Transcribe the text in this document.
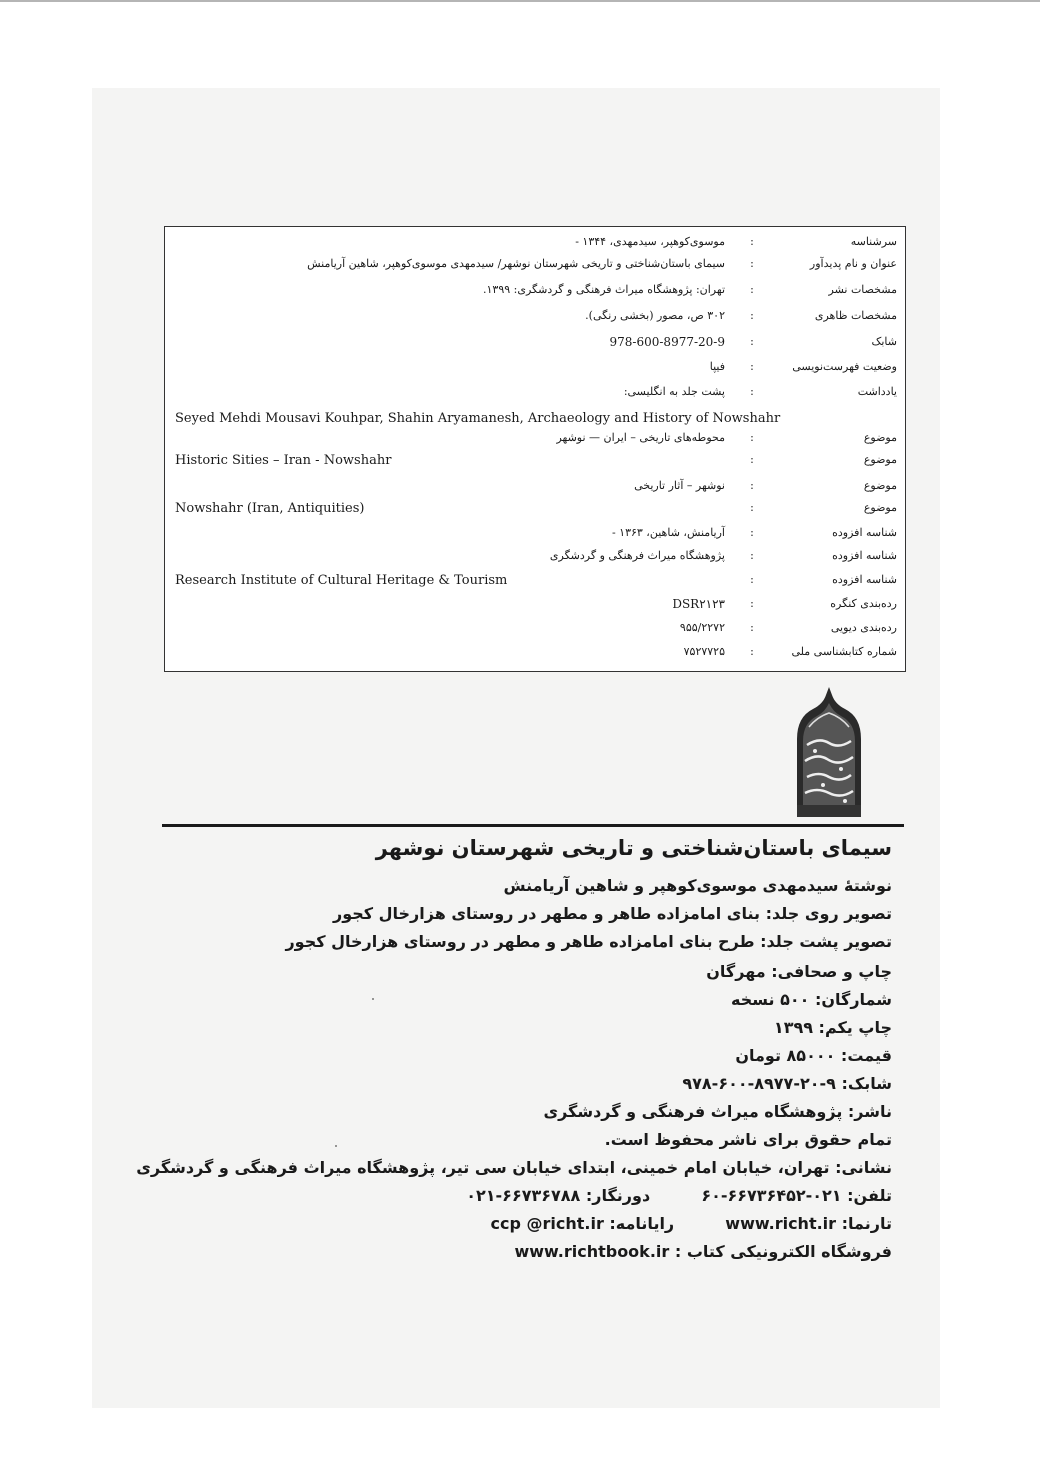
سرشناسه
:
موسوی‌کوهپر، سیدمهدی، ۱۳۴۴ -
عنوان و نام پدیدآور
:
سیمای باستان‌شناختی و تاریخی شهرستان نوشهر/ سیدمهدی موسوی‌کوهپر، شاهین آریامنش
مشخصات نشر
:
تهران: پژوهشگاه میراث فرهنگی و گردشگری: ۱۳۹۹.
مشخصات ظاهری
:
۳۰۲ ص، مصور (بخشی رنگی).
شابک
:
978-600-8977-20-9
وضعیت فهرست‌نویسی
:
فیپا
یادداشت
:
پشت جلد به انگلیسی:
Seyed Mehdi Mousavi Kouhpar, Shahin Aryamanesh, Archaeology and History of Nowshahr
موضوع
:
محوطه‌های تاریخی – ایران — نوشهر
موضوع
:
Historic Sities – Iran - Nowshahr
موضوع
:
نوشهر – آثار تاریخی
موضوع
:
Nowshahr (Iran, Antiquities)
شناسه افزوده
:
آریامنش، شاهین، ۱۳۶۳ -
شناسه افزوده
:
پژوهشگاه میراث فرهنگی و گردشگری
شناسه افزوده
:
Research Institute of Cultural Heritage & Tourism
رده‌بندی کنگره
:
DSR۲۱۲۳
رده‌بندی دیویی
:
۹۵۵/۲۲۷۲
شماره کتابشناسی ملی
:
۷۵۲۷۷۲۵
سیمای باستان‌شناختی و تاریخی شهرستان نوشهر
نوشتهٔ سیدمهدی موسوی‌کوهپر و شاهین آریامنش
تصویر روی جلد: بنای امامزاده طاهر و مطهر در روستای هزارخال کجور
تصویر پشت جلد: طرح بنای امامزاده طاهر و مطهر در روستای هزارخال کجور
چاپ و صحافی: مهرگان
شمارگان: ۵۰۰ نسخه
چاپ یکم: ۱۳۹۹
قیمت: ۸۵۰۰۰ تومان
شابک: ۹-۲۰-۸۹۷۷-۶۰۰-۹۷۸
ناشر: پژوهشگاه میراث فرهنگی و گردشگری
تمام حقوق برای ناشر محفوظ است.
نشانی: تهران، خیابان امام خمینی، ابتدای خیابان سی تیر، پژوهشگاه میراث فرهنگی و گردشگری
تلفن: ۶۰-۶۶۷۳۶۴۵۲-۰۲۱  دورنگار: ۰۲۱-۶۶۷۳۶۷۸۸
تارنما: www.richt.ir  رایانامه: ccp @richt.ir
فروشگاه الکترونیکی کتاب : www.richtbook.ir
